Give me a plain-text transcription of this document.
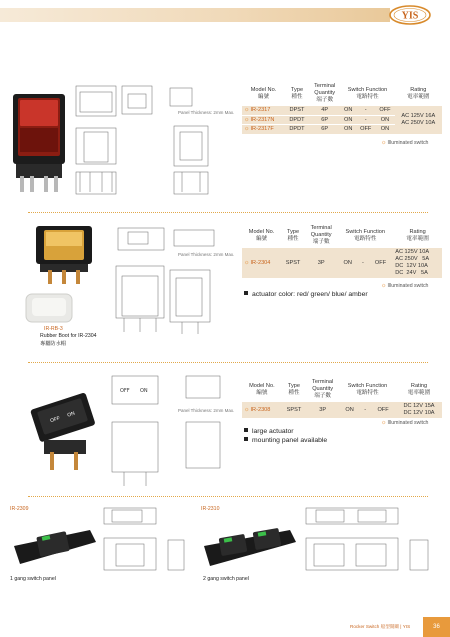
YIS
Panel Thickness: 2mm Max.
Model No.
編號	Type
種性	Terminal
Quantity
端子數	Switch Function
電路特性			Rating
電率範圍
☼IR-2317	DPST	4P	ON	-	OFF	AC 125V 16A
AC 250V 10A
☼IR-2317N	DPDT	6P	ON	-	ON	
☼IR-2317F	DPDT	6P	ON	OFF	ON	
☼Illuminated switch
IR-RB-3
Rubber Boot for IR-2304
專屬防水帽
Panel Thickness: 2mm Max.
Model No.
編號	Type
種性	Terminal
Quantity
端子數	Switch Function
電路特性			Rating
電率範圍
☼IR-2304	SPST	3P	ON	-	OFF	AC 125V 10A
AC 250V   5A
DC  12V 10A
DC  24V   5A
☼Illuminated switch
actuator color: red/ green/ blue/ amber
OFF
ON
OFF ON
Panel Thickness: 2mm Max.
Model No.
編號	Type
種性	Terminal
Quantity
端子數	Switch Function
電路特性			Rating
電率範圍
☼IR-2308	SPST	3P	ON	-	OFF	DC 12V 15A
DC 12V 10A
☼Illuminated switch
large actuator
mounting panel available
IR-2309	IR-2310
1 gang switch panel	2 gang switch panel
Rocker Switch 船型開關 | YIS	36
